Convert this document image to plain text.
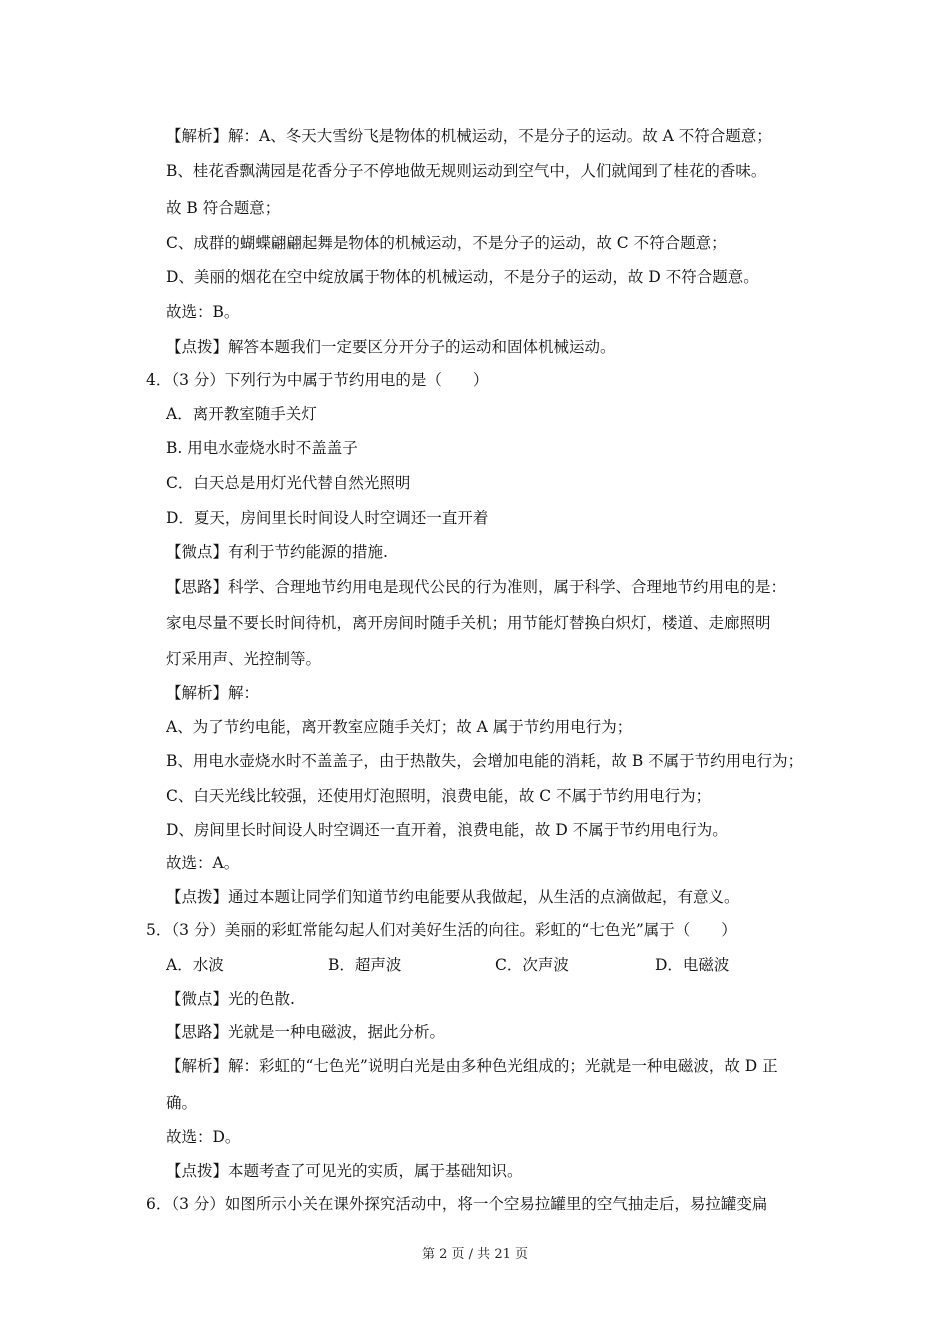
【解析】解：A、冬天大雪纷飞是物体的机械运动，不是分子的运动。故 A 不符合题意；
B、桂花香飘满园是花香分子不停地做无规则运动到空气中，人们就闻到了桂花的香味。
故 B 符合题意；
C、成群的蝴蝶翩翩起舞是物体的机械运动，不是分子的运动，故 C 不符合题意；
D、美丽的烟花在空中绽放属于物体的机械运动，不是分子的运动，故 D 不符合题意。
故选：B。
【点拨】解答本题我们一定要区分开分子的运动和固体机械运动。
4．（3 分）下列行为中属于节约用电的是（　　）
A．离开教室随手关灯
B. 用电水壶烧水时不盖盖子
C．白天总是用灯光代替自然光照明
D．夏天，房间里长时间设人时空调还一直开着
【微点】有利于节约能源的措施.
【思路】科学、合理地节约用电是现代公民的行为准则，属于科学、合理地节约用电的是：
家电尽量不要长时间待机，离开房间时随手关机；用节能灯替换白炽灯，楼道、走廊照明
灯采用声、光控制等。
【解析】解：
A、为了节约电能，离开教室应随手关灯；故 A 属于节约用电行为；
B、用电水壶烧水时不盖盖子，由于热散失，会增加电能的消耗，故 B 不属于节约用电行为；
C、白天光线比较强，还使用灯泡照明，浪费电能，故 C 不属于节约用电行为；
D、房间里长时间设人时空调还一直开着，浪费电能，故 D 不属于节约用电行为。
故选：A。
【点拨】通过本题让同学们知道节约电能要从我做起，从生活的点滴做起，有意义。
5．（3 分）美丽的彩虹常能勾起人们对美好生活的向往。彩虹的“七色光”属于（　　）
A．水波	B．超声波	C．次声波	D．电磁波
【微点】光的色散.
【思路】光就是一种电磁波，据此分析。
【解析】解：彩虹的“七色光”说明白光是由多种色光组成的；光就是一种电磁波，故 D 正
确。
故选：D。
【点拨】本题考查了可见光的实质，属于基础知识。
6．（3 分）如图所示小关在课外探究活动中，将一个空易拉罐里的空气抽走后，易拉罐变扁
第 2 页 / 共 21 页
